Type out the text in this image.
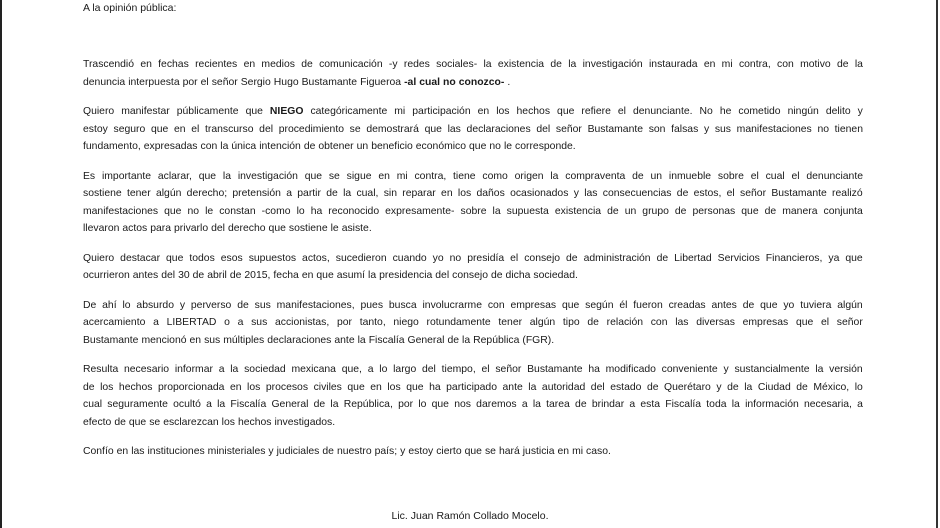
A la opinión pública:
Trascendió en fechas recientes en medios de comunicación -y redes sociales- la existencia de la investigación instaurada en mi contra, con motivo de la
denuncia interpuesta por el señor Sergio Hugo Bustamante Figueroa -al cual no conozco- .
Quiero manifestar públicamente que NIEGO categóricamente mi participación en los hechos que refiere el denunciante. No he cometido ningún delito y
estoy seguro que en el transcurso del procedimiento se demostrará que las declaraciones del señor Bustamante son falsas y sus manifestaciones no tienen
fundamento, expresadas con la única intención de obtener un beneficio económico que no le corresponde.
Es importante aclarar, que la investigación que se sigue en mi contra, tiene como origen la compraventa de un inmueble sobre el cual el denunciante
sostiene tener algún derecho; pretensión a partir de la cual, sin reparar en los daños ocasionados y las consecuencias de estos, el señor Bustamante realizó
manifestaciones que no le constan -como lo ha reconocido expresamente- sobre la supuesta existencia de un grupo de personas que de manera conjunta
llevaron actos para privarlo del derecho que sostiene le asiste.
Quiero destacar que todos esos supuestos actos, sucedieron cuando yo no presidía el consejo de administración de Libertad Servicios Financieros, ya que
ocurrieron antes del 30 de abril de 2015, fecha en que asumí la presidencia del consejo de dicha sociedad.
De ahí lo absurdo y perverso de sus manifestaciones, pues busca involucrarme con empresas que según él fueron creadas antes de que yo tuviera algún
acercamiento a LIBERTAD o a sus accionistas, por tanto, niego rotundamente tener algún tipo de relación con las diversas empresas que el señor
Bustamante mencionó en sus múltiples declaraciones ante la Fiscalía General de la República (FGR).
Resulta necesario informar a la sociedad mexicana que, a lo largo del tiempo, el señor Bustamante ha modificado conveniente y sustancialmente la versión
de los hechos proporcionada en los procesos civiles que en los que ha participado ante la autoridad del estado de Querétaro y de la Ciudad de México, lo
cual seguramente ocultó a la Fiscalía General de la República, por lo que nos daremos a la tarea de brindar a esta Fiscalía toda la información necesaria, a
efecto de que se esclarezcan los hechos investigados.
Confío en las instituciones ministeriales y judiciales de nuestro país; y estoy cierto que se hará justicia en mi caso.
Lic. Juan Ramón Collado Mocelo.
